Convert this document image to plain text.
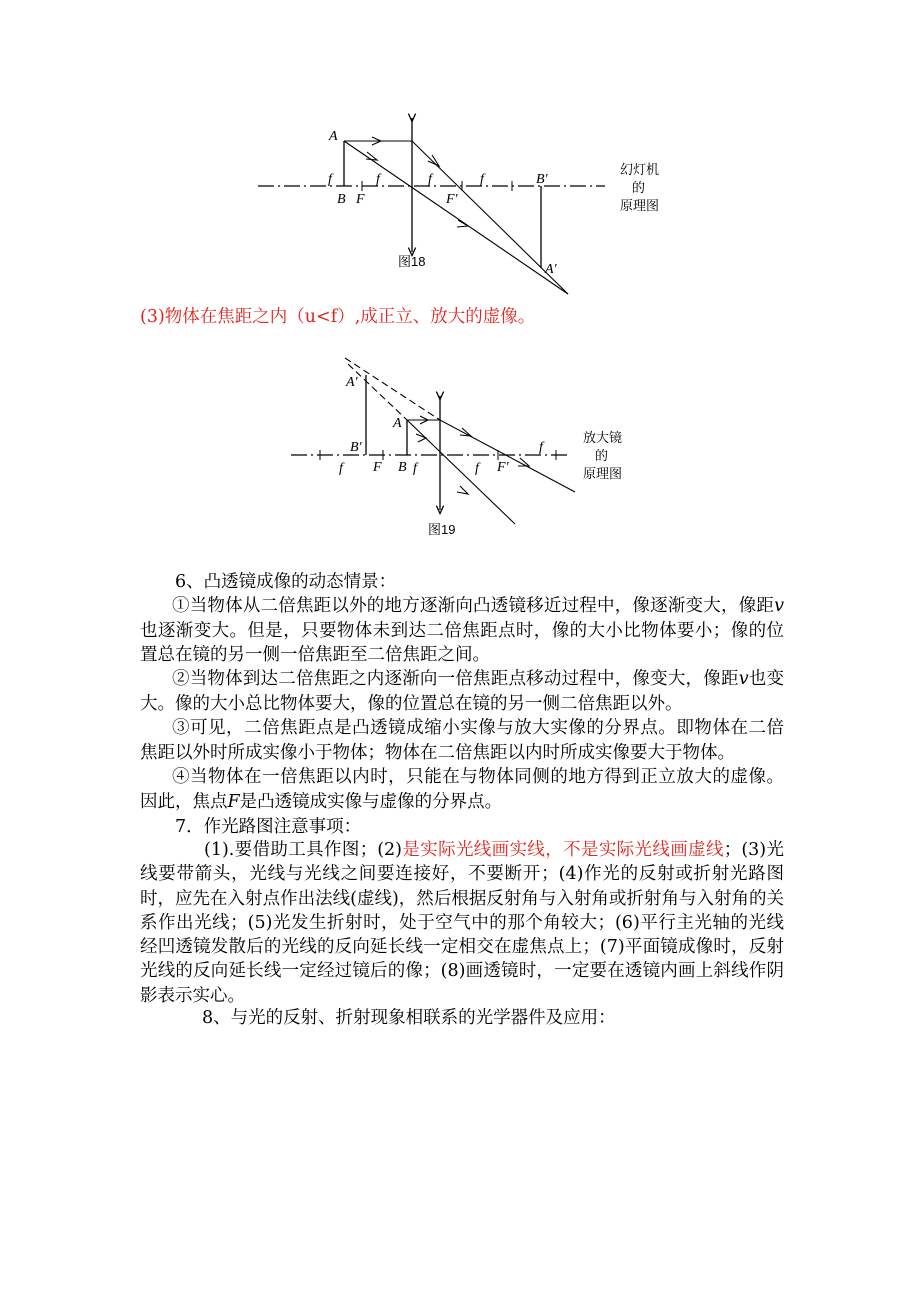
A
f	f	f	f
B F	F′
B′
A′
图18
幻灯机
的
原理图
(3)物体在焦距之内（u<f）,成正立、放大的虚像。
A′
A
B′
f F B f	f F′
f
图19
放大镜
的
原理图
6、凸透镜成像的动态情景：

①当物体从二倍焦距以外的地方逐渐向凸透镜移近过程中，像逐渐变大，像距v也逐渐变大。但是，只要物体未到达二倍焦距点时，像的大小比物体要小；像的位置总在镜的另一侧一倍焦距至二倍焦距之间。

②当物体到达二倍焦距之内逐渐向一倍焦距点移动过程中，像变大，像距v也变大。像的大小总比物体要大，像的位置总在镜的另一侧二倍焦距以外。

③可见，二倍焦距点是凸透镜成缩小实像与放大实像的分界点。即物体在二倍焦距以外时所成实像小于物体；物体在二倍焦距以内时所成实像要大于物体。

④当物体在一倍焦距以内时，只能在与物体同侧的地方得到正立放大的虚像。因此，焦点F是凸透镜成实像与虚像的分界点。

7．作光路图注意事项：

(1).要借助工具作图；(2)是实际光线画实线，不是实际光线画虚线；(3)光线要带箭头，光线与光线之间要连接好，不要断开；(4)作光的反射或折射光路图时，应先在入射点作出法线(虚线)，然后根据反射角与入射角或折射角与入射角的关系作出光线；(5)光发生折射时，处于空气中的那个角较大；(6)平行主光轴的光线经凹透镜发散后的光线的反向延长线一定相交在虚焦点上；(7)平面镜成像时，反射光线的反向延长线一定经过镜后的像；(8)画透镜时，一定要在透镜内画上斜线作阴影表示实心。

8、与光的反射、折射现象相联系的光学器件及应用：
